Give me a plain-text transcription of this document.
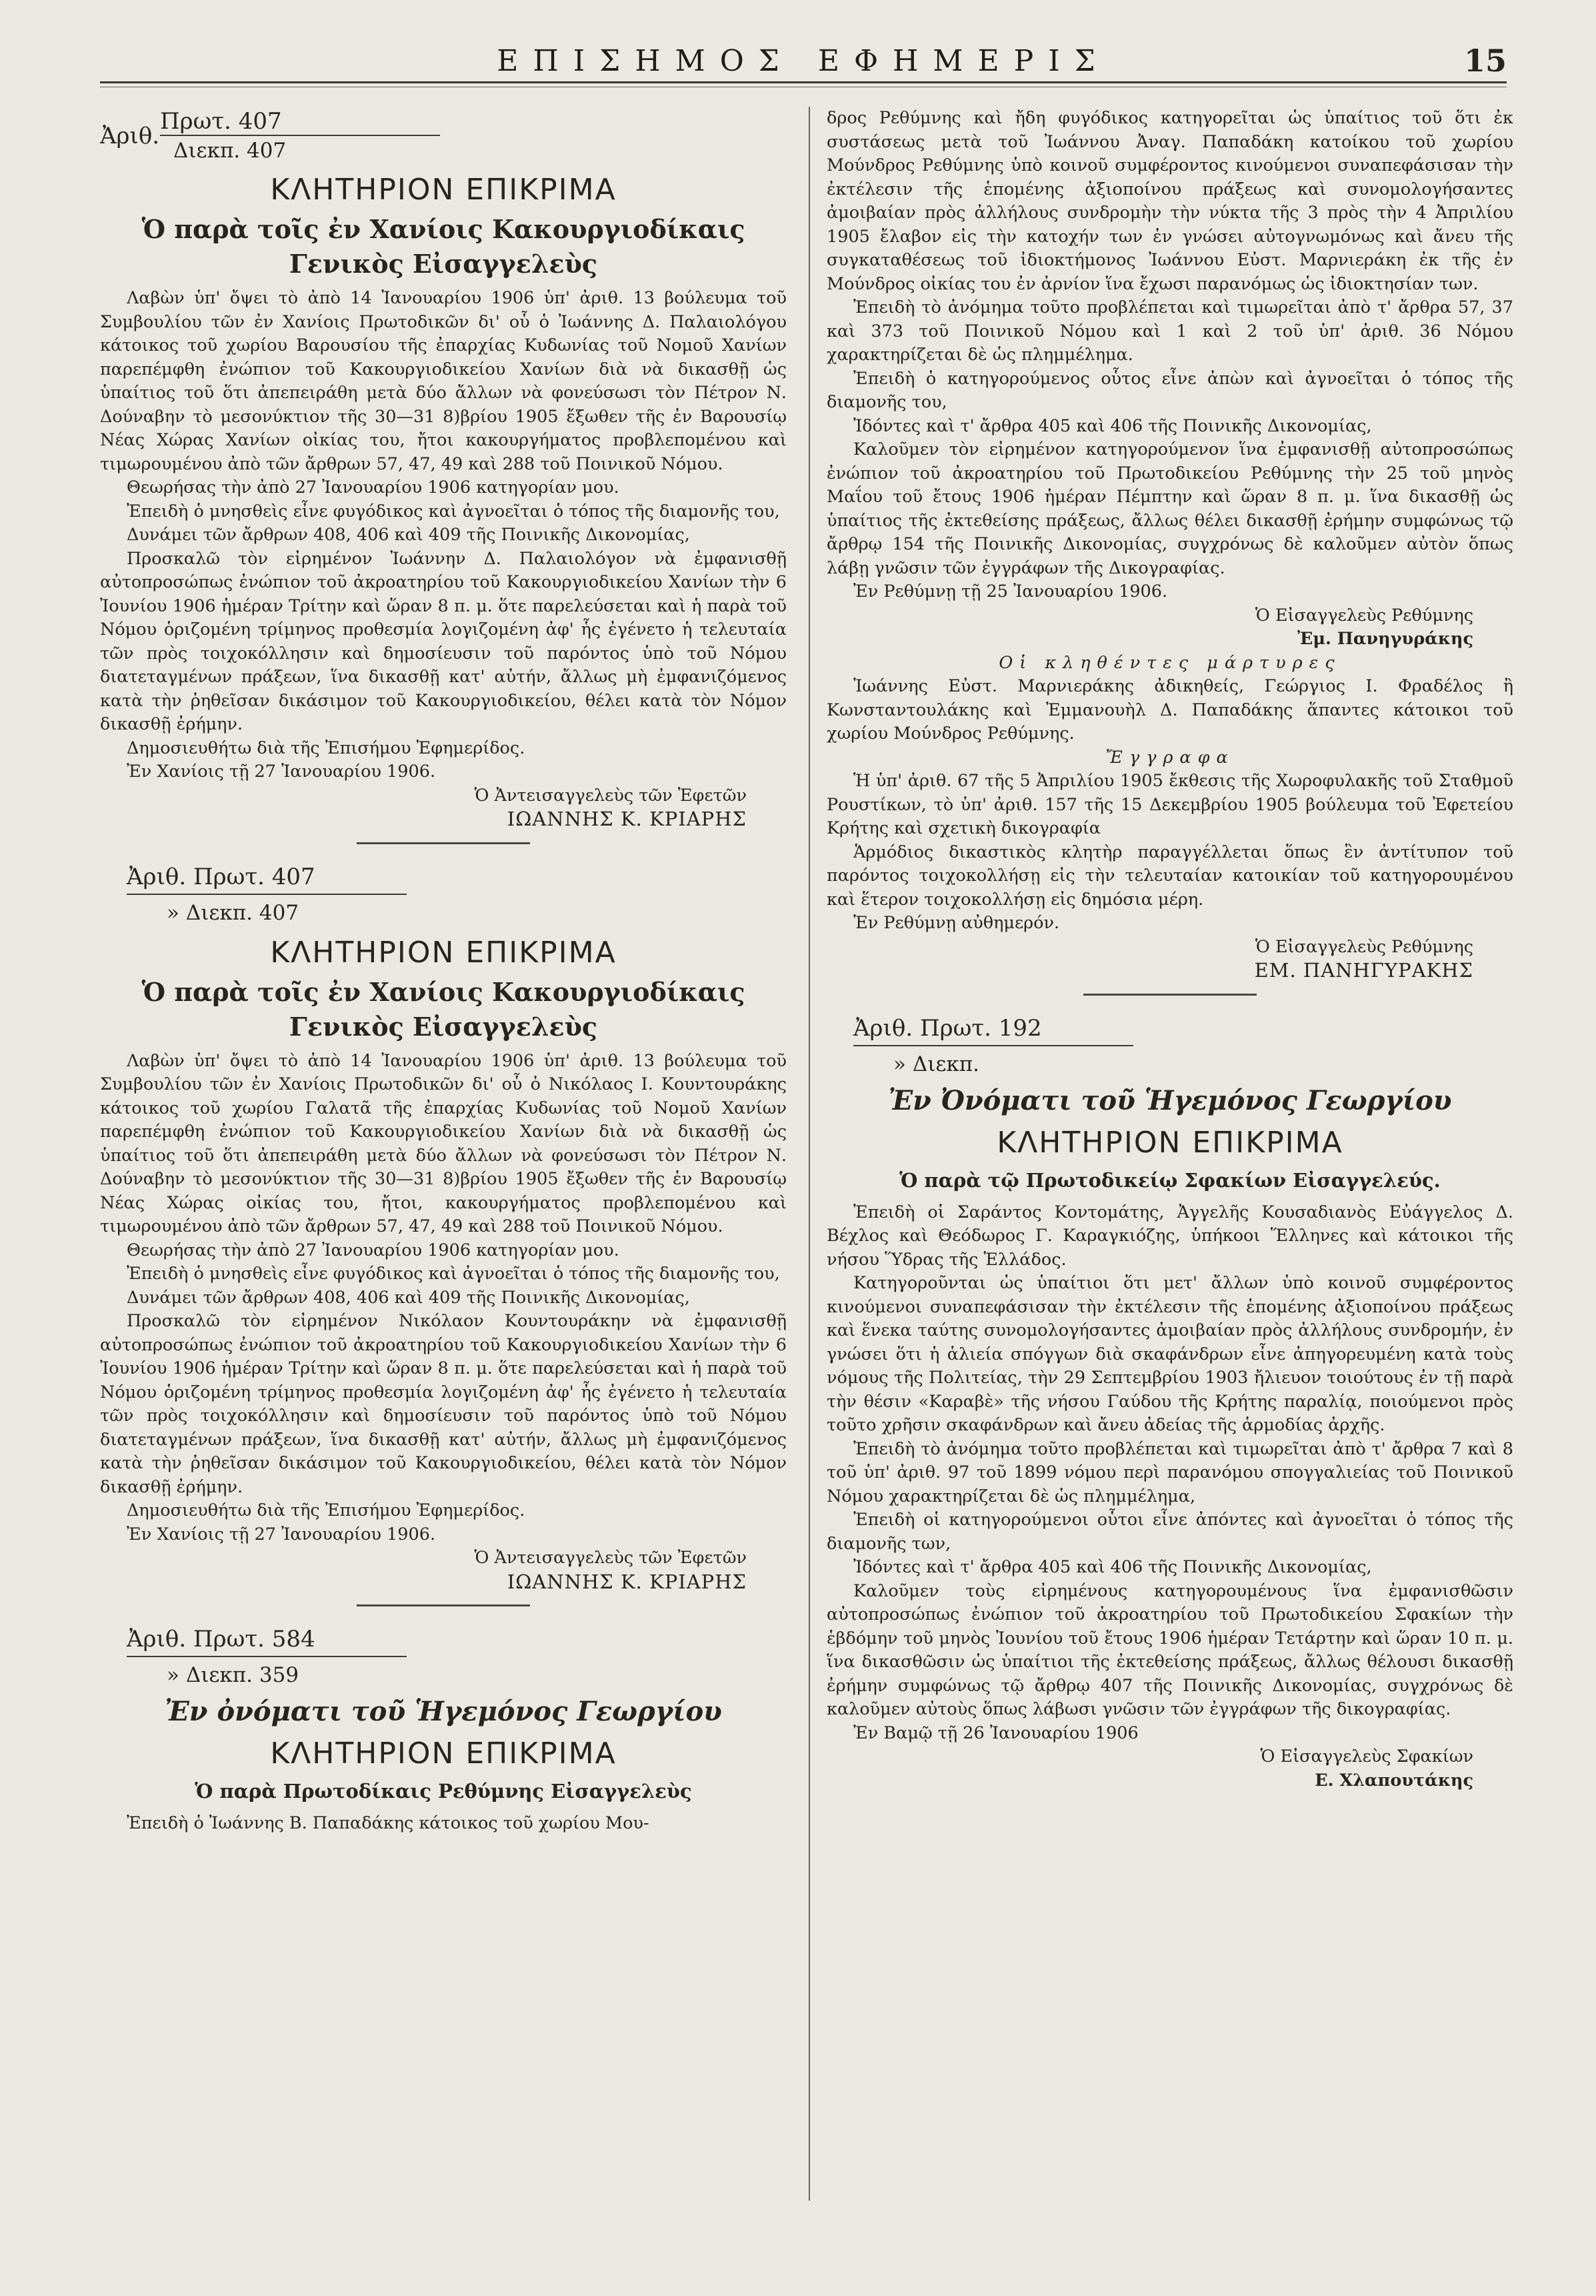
ΕΠΙΣΗΜΟΣ ΕΦΗΜΕΡΙΣ	15
Ἀριθ.
Πρωτ. 407
Διεκπ. 407
ΚΛΗΤΗΡΙΟΝ ΕΠΙΚΡΙΜΑ
Ὁ παρὰ τοῖς ἐν Χανίοις Κακουργιοδίκαις
Γενικὸς Εἰσαγγελεὺς

Λαβὼν ὑπ' ὄψει τὸ ἀπὸ 14 Ἰανουαρίου 1906 ὑπ' ἀριθ. 13 βούλευμα τοῦ Συμβουλίου τῶν ἐν Χανίοις Πρωτοδικῶν δι' οὗ ὁ Ἰωάννης Δ. Παλαιολόγου κάτοικος τοῦ χωρίου Βαρουσίου τῆς ἐπαρχίας Κυδωνίας τοῦ Νομοῦ Χανίων παρεπέμφθη ἐνώπιον τοῦ Κακουργιοδικείου Χανίων διὰ νὰ δικασθῇ ὡς ὑπαίτιος τοῦ ὅτι ἀπεπειράθη μετὰ δύο ἄλλων νὰ φονεύσωσι τὸν Πέτρον Ν. Δούναβην τὸ μεσονύκτιον τῆς 30—31 8)βρίου 1905 ἔξωθεν τῆς ἐν Βαρουσίῳ Νέας Χώρας Χανίων οἰκίας του, ἤτοι κακουργήματος προβλεπομένου καὶ τιμωρουμένου ἀπὸ τῶν ἄρθρων 57, 47, 49 καὶ 288 τοῦ Ποινικοῦ Νόμου.

Θεωρήσας τὴν ἀπὸ 27 Ἰανουαρίου 1906 κατηγορίαν μου.

Ἐπειδὴ ὁ μνησθεὶς εἶνε φυγόδικος καὶ ἀγνοεῖται ὁ τόπος τῆς διαμονῆς του,

Δυνάμει τῶν ἄρθρων 408, 406 καὶ 409 τῆς Ποινικῆς Δικονομίας,

Προσκαλῶ τὸν εἰρημένον Ἰωάννην Δ. Παλαιολόγον νὰ ἐμφανισθῇ αὐτοπροσώπως ἐνώπιον τοῦ ἀκροατηρίου τοῦ Κακουργιοδικείου Χανίων τὴν 6 Ἰουνίου 1906 ἡμέραν Τρίτην καὶ ὥραν 8 π. μ. ὅτε παρελεύσεται καὶ ἡ παρὰ τοῦ Νόμου ὁριζομένη τρίμηνος προθεσμία λογιζομένη ἀφ' ἧς ἐγένετο ἡ τελευταία τῶν πρὸς τοιχοκόλλησιν καὶ δημοσίευσιν τοῦ παρόντος ὑπὸ τοῦ Νόμου διατεταγμένων πράξεων, ἵνα δικασθῇ κατ' αὐτήν, ἄλλως μὴ ἐμφανιζόμενος κατὰ τὴν ῥηθεῖσαν δικάσιμον τοῦ Κακουργιοδικείου, θέλει κατὰ τὸν Νόμον δικασθῇ ἐρήμην.

Δημοσιευθήτω διὰ τῆς Ἐπισήμου Ἐφημερίδος.

Ἐν Χανίοις τῇ 27 Ἰανουαρίου 1906.

Ὁ Ἀντεισαγγελεὺς τῶν Ἐφετῶν
ΙΩΑΝΝΗΣ Κ. ΚΡΙΑΡΗΣ
Ἀριθ. Πρωτ. 407
» Διεκπ. 407
ΚΛΗΤΗΡΙΟΝ ΕΠΙΚΡΙΜΑ
Ὁ παρὰ τοῖς ἐν Χανίοις Κακουργιοδίκαις
Γενικὸς Εἰσαγγελεὺς

Λαβὼν ὑπ' ὄψει τὸ ἀπὸ 14 Ἰανουαρίου 1906 ὑπ' ἀριθ. 13 βούλευμα τοῦ Συμβουλίου τῶν ἐν Χανίοις Πρωτοδικῶν δι' οὗ ὁ Νικόλαος Ι. Κουντουράκης κάτοικος τοῦ χωρίου Γαλατᾶ τῆς ἐπαρχίας Κυδωνίας τοῦ Νομοῦ Χανίων παρεπέμφθη ἐνώπιον τοῦ Κακουργιοδικείου Χανίων διὰ νὰ δικασθῇ ὡς ὑπαίτιος τοῦ ὅτι ἀπεπειράθη μετὰ δύο ἄλλων νὰ φονεύσωσι τὸν Πέτρον Ν. Δούναβην τὸ μεσονύκτιον τῆς 30—31 8)βρίου 1905 ἔξωθεν τῆς ἐν Βαρουσίῳ Νέας Χώρας οἰκίας του, ἤτοι, κακουργήματος προβλεπομένου καὶ τιμωρουμένου ἀπὸ τῶν ἄρθρων 57, 47, 49 καὶ 288 τοῦ Ποινικοῦ Νόμου.

Θεωρήσας τὴν ἀπὸ 27 Ἰανουαρίου 1906 κατηγορίαν μου.

Ἐπειδὴ ὁ μνησθεὶς εἶνε φυγόδικος καὶ ἀγνοεῖται ὁ τόπος τῆς διαμονῆς του,

Δυνάμει τῶν ἄρθρων 408, 406 καὶ 409 τῆς Ποινικῆς Δικονομίας,

Προσκαλῶ τὸν εἰρημένον Νικόλαον Κουντουράκην νὰ ἐμφανισθῇ αὐτοπροσώπως ἐνώπιον τοῦ ἀκροατηρίου τοῦ Κακουργιοδικείου Χανίων τὴν 6 Ἰουνίου 1906 ἡμέραν Τρίτην καὶ ὥραν 8 π. μ. ὅτε παρελεύσεται καὶ ἡ παρὰ τοῦ Νόμου ὁριζομένη τρίμηνος προθεσμία λογιζομένη ἀφ' ἧς ἐγένετο ἡ τελευταία τῶν πρὸς τοιχοκόλλησιν καὶ δημοσίευσιν τοῦ παρόντος ὑπὸ τοῦ Νόμου διατεταγμένων πράξεων, ἵνα δικασθῇ κατ' αὐτήν, ἄλλως μὴ ἐμφανιζόμενος κατὰ τὴν ῥηθεῖσαν δικάσιμον τοῦ Κακουργιοδικείου, θέλει κατὰ τὸν Νόμον δικασθῇ ἐρήμην.

Δημοσιευθήτω διὰ τῆς Ἐπισήμου Ἐφημερίδος.

Ἐν Χανίοις τῇ 27 Ἰανουαρίου 1906.

Ὁ Ἀντεισαγγελεὺς τῶν Ἐφετῶν
ΙΩΑΝΝΗΣ Κ. ΚΡΙΑΡΗΣ
Ἀριθ. Πρωτ. 584
» Διεκπ. 359
Ἐν ὀνόματι τοῦ Ἡγεμόνος Γεωργίου
ΚΛΗΤΗΡΙΟΝ ΕΠΙΚΡΙΜΑ
Ὁ παρὰ Πρωτοδίκαις Ρεθύμνης Εἰσαγγελεὺς

Ἐπειδὴ ὁ Ἰωάννης Β. Παπαδάκης κάτοικος τοῦ χωρίου Μου-

δρος Ρεθύμνης καὶ ἤδη φυγόδικος κατηγορεῖται ὡς ὑπαίτιος τοῦ ὅτι ἐκ συστάσεως μετὰ τοῦ Ἰωάννου Ἀναγ. Παπαδάκη κατοίκου τοῦ χωρίου Μούνδρος Ρεθύμνης ὑπὸ κοινοῦ συμφέροντος κινούμενοι συναπεφάσισαν τὴν ἐκτέλεσιν τῆς ἑπομένης ἀξιοποίνου πράξεως καὶ συνομολογήσαντες ἀμοιβαίαν πρὸς ἀλλήλους συνδρομὴν τὴν νύκτα τῆς 3 πρὸς τὴν 4 Ἀπριλίου 1905 ἔλαβον εἰς τὴν κατοχήν των ἐν γνώσει αὐτογνωμόνως καὶ ἄνευ τῆς συγκαταθέσεως τοῦ ἰδιοκτήμονος Ἰωάννου Εὐστ. Μαρνιεράκη ἐκ τῆς ἐν Μούνδρος οἰκίας του ἐν ἀρνίον ἵνα ἔχωσι παρανόμως ὡς ἰδιοκτησίαν των.

Ἐπειδὴ τὸ ἀνόμημα τοῦτο προβλέπεται καὶ τιμωρεῖται ἀπὸ τ' ἄρθρα 57, 37 καὶ 373 τοῦ Ποινικοῦ Νόμου καὶ 1 καὶ 2 τοῦ ὑπ' ἀριθ. 36 Νόμου χαρακτηρίζεται δὲ ὡς πλημμέλημα.

Ἐπειδὴ ὁ κατηγορούμενος οὗτος εἶνε ἀπὼν καὶ ἀγνοεῖται ὁ τόπος τῆς διαμονῆς του,

Ἰδόντες καὶ τ' ἄρθρα 405 καὶ 406 τῆς Ποινικῆς Δικονομίας,

Καλοῦμεν τὸν εἰρημένον κατηγορούμενον ἵνα ἐμφανισθῇ αὐτοπροσώπως ἐνώπιον τοῦ ἀκροατηρίου τοῦ Πρωτοδικείου Ρεθύμνης τὴν 25 τοῦ μηνὸς Μαΐου τοῦ ἔτους 1906 ἡμέραν Πέμπτην καὶ ὥραν 8 π. μ. ἵνα δικασθῇ ὡς ὑπαίτιος τῆς ἐκτεθείσης πράξεως, ἄλλως θέλει δικασθῇ ἐρήμην συμφώνως τῷ ἄρθρῳ 154 τῆς Ποινικῆς Δικονομίας, συγχρόνως δὲ καλοῦμεν αὐτὸν ὅπως λάβῃ γνῶσιν τῶν ἐγγράφων τῆς Δικογραφίας.

Ἐν Ρεθύμνῃ τῇ 25 Ἰανουαρίου 1906.

Ὁ Εἰσαγγελεὺς Ρεθύμνης
Ἐμ. Πανηγυράκης
Οἱ κληθέντες μάρτυρες

Ἰωάννης Εὐστ. Μαρνιεράκης ἀδικηθείς, Γεώργιος Ι. Φραδέλος ἢ Κωνσταντουλάκης καὶ Ἐμμανουὴλ Δ. Παπαδάκης ἅπαντες κάτοικοι τοῦ χωρίου Μούνδρος Ρεθύμνης.

Ἔγγραφα

Ἡ ὑπ' ἀριθ. 67 τῆς 5 Ἀπριλίου 1905 ἔκθεσις τῆς Χωροφυλακῆς τοῦ Σταθμοῦ Ρουστίκων, τὸ ὑπ' ἀριθ. 157 τῆς 15 Δεκεμβρίου 1905 βούλευμα τοῦ Ἐφετείου Κρήτης καὶ σχετικὴ δικογραφία

Ἁρμόδιος δικαστικὸς κλητὴρ παραγγέλλεται ὅπως ἓν ἀντίτυπον τοῦ παρόντος τοιχοκολλήσῃ εἰς τὴν τελευταίαν κατοικίαν τοῦ κατηγορουμένου καὶ ἕτερον τοιχοκολλήσῃ εἰς δημόσια μέρη.

Ἐν Ρεθύμνῃ αὐθημερόν.

Ὁ Εἰσαγγελεὺς Ρεθύμνης
ΕΜ. ΠΑΝΗΓΥΡΑΚΗΣ
Ἀριθ. Πρωτ. 192
» Διεκπ.
Ἐν Ὀνόματι τοῦ Ἡγεμόνος Γεωργίου
ΚΛΗΤΗΡΙΟΝ ΕΠΙΚΡΙΜΑ
Ὁ παρὰ τῷ Πρωτοδικείῳ Σφακίων Εἰσαγγελεύς.

Ἐπειδὴ οἱ Σαράντος Κοντομάτης, Ἀγγελῆς Κουσαδιανὸς Εὐάγγελος Δ. Βέχλος καὶ Θεόδωρος Γ. Καραγκιόζης, ὑπήκοοι Ἕλληνες καὶ κάτοικοι τῆς νήσου Ὕδρας τῆς Ἑλλάδος.

Κατηγοροῦνται ὡς ὑπαίτιοι ὅτι μετ' ἄλλων ὑπὸ κοινοῦ συμφέροντος κινούμενοι συναπεφάσισαν τὴν ἐκτέλεσιν τῆς ἑπομένης ἀξιοποίνου πράξεως καὶ ἕνεκα ταύτης συνομολογήσαντες ἀμοιβαίαν πρὸς ἀλλήλους συνδρομήν, ἐν γνώσει ὅτι ἡ ἁλιεία σπόγγων διὰ σκαφάνδρων εἶνε ἀπηγορευμένη κατὰ τοὺς νόμους τῆς Πολιτείας, τὴν 29 Σεπτεμβρίου 1903 ἤλιευον τοιούτους ἐν τῇ παρὰ τὴν θέσιν «Καραβὲ» τῆς νήσου Γαύδου τῆς Κρήτης παραλίᾳ, ποιούμενοι πρὸς τοῦτο χρῆσιν σκαφάνδρων καὶ ἄνευ ἀδείας τῆς ἁρμοδίας ἀρχῆς.

Ἐπειδὴ τὸ ἀνόμημα τοῦτο προβλέπεται καὶ τιμωρεῖται ἀπὸ τ' ἄρθρα 7 καὶ 8 τοῦ ὑπ' ἀριθ. 97 τοῦ 1899 νόμου περὶ παρανόμου σπογγαλιείας τοῦ Ποινικοῦ Νόμου χαρακτηρίζεται δὲ ὡς πλημμέλημα,

Ἐπειδὴ οἱ κατηγορούμενοι οὗτοι εἶνε ἀπόντες καὶ ἀγνοεῖται ὁ τόπος τῆς διαμονῆς των,

Ἰδόντες καὶ τ' ἄρθρα 405 καὶ 406 τῆς Ποινικῆς Δικονομίας,

Καλοῦμεν τοὺς εἰρημένους κατηγορουμένους ἵνα ἐμφανισθῶσιν αὐτοπροσώπως ἐνώπιον τοῦ ἀκροατηρίου τοῦ Πρωτοδικείου Σφακίων τὴν ἑβδόμην τοῦ μηνὸς Ἰουνίου τοῦ ἔτους 1906 ἡμέραν Τετάρτην καὶ ὥραν 10 π. μ. ἵνα δικασθῶσιν ὡς ὑπαίτιοι τῆς ἐκτεθείσης πράξεως, ἄλλως θέλουσι δικασθῇ ἐρήμην συμφώνως τῷ ἄρθρῳ 407 τῆς Ποινικῆς Δικονομίας, συγχρόνως δὲ καλοῦμεν αὐτοὺς ὅπως λάβωσι γνῶσιν τῶν ἐγγράφων τῆς δικογραφίας.

Ἐν Βαμῷ τῇ 26 Ἰανουαρίου 1906

Ὁ Εἰσαγγελεὺς Σφακίων
Ε. Χλαπουτάκης
